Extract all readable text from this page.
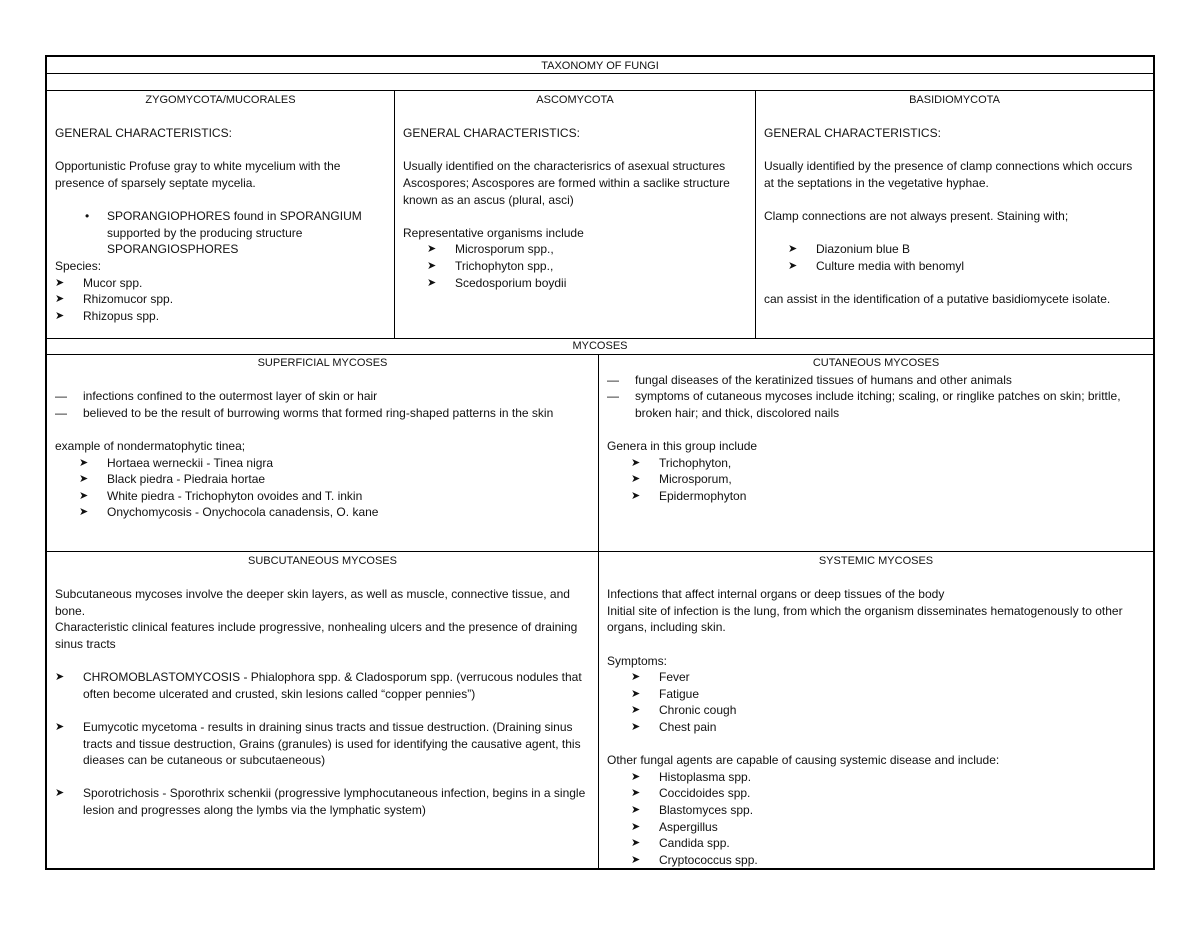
TAXONOMY OF FUNGI
ZYGOMYCOTA/MUCORALES
GENERAL CHARACTERISTICS:
Opportunistic Profuse gray to white mycelium with the presence of sparsely septate mycelia.
• SPORANGIOPHORES found in SPORANGIUM supported by the producing structure SPORANGIOSPHORES
Species:
➤ Mucor spp.
➤ Rhizomucor spp.
➤ Rhizopus spp.
ASCOMYCOTA
GENERAL CHARACTERISTICS:
Usually identified on the characterisrics of asexual structures Ascospores; Ascospores are formed within a saclike structure known as an ascus (plural, asci)
Representative organisms include
➤ Microsporum spp.,
➤ Trichophyton spp.,
➤ Scedosporium boydii
BASIDIOMYCOTA
GENERAL CHARACTERISTICS:
Usually identified by the presence of clamp connections which occurs at the septations in the vegetative hyphae.
Clamp connections are not always present. Staining with;
➤ Diazonium blue B
➤ Culture media with benomyl
can assist in the identification of a putative basidiomycete isolate.
MYCOSES
SUPERFICIAL MYCOSES
— infections confined to the outermost layer of skin or hair
— believed to be the result of burrowing worms that formed ring-shaped patterns in the skin
example of nondermatophytic tinea;
➤ Hortaea werneckii - Tinea nigra
➤ Black piedra - Piedraia hortae
➤ White piedra - Trichophyton ovoides and T. inkin
➤ Onychomycosis - Onychocola canadensis, O. kane
CUTANEOUS MYCOSES
— fungal diseases of the keratinized tissues of humans and other animals
— symptoms of cutaneous mycoses include itching; scaling, or ringlike patches on skin; brittle, broken hair; and thick, discolored nails
Genera in this group include
➤ Trichophyton,
➤ Microsporum,
➤ Epidermophyton
SUBCUTANEOUS MYCOSES
Subcutaneous mycoses involve the deeper skin layers, as well as muscle, connective tissue, and bone.
Characteristic clinical features include progressive, nonhealing ulcers and the presence of draining sinus tracts
➤ CHROMOBLASTOMYCOSIS - Phialophora spp. & Cladosporum spp. (verrucous nodules that often become ulcerated and crusted, skin lesions called “copper pennies”)
➤ Eumycotic mycetoma - results in draining sinus tracts and tissue destruction. (Draining sinus tracts and tissue destruction, Grains (granules) is used for identifying the causative agent, this dieases can be cutaneous or subcutaeneous)
➤ Sporotrichosis - Sporothrix schenkii (progressive lymphocutaneous infection, begins in a single lesion and progresses along the lymbs via the lymphatic system)
SYSTEMIC MYCOSES
Infections that affect internal organs or deep tissues of the body
Initial site of infection is the lung, from which the organism disseminates hematogenously to other organs, including skin.
Symptoms:
➤ Fever
➤ Fatigue
➤ Chronic cough
➤ Chest pain
Other fungal agents are capable of causing systemic disease and include:
➤ Histoplasma spp.
➤ Coccidoides spp.
➤ Blastomyces spp.
➤ Aspergillus
➤ Candida spp.
➤ Cryptococcus spp.
